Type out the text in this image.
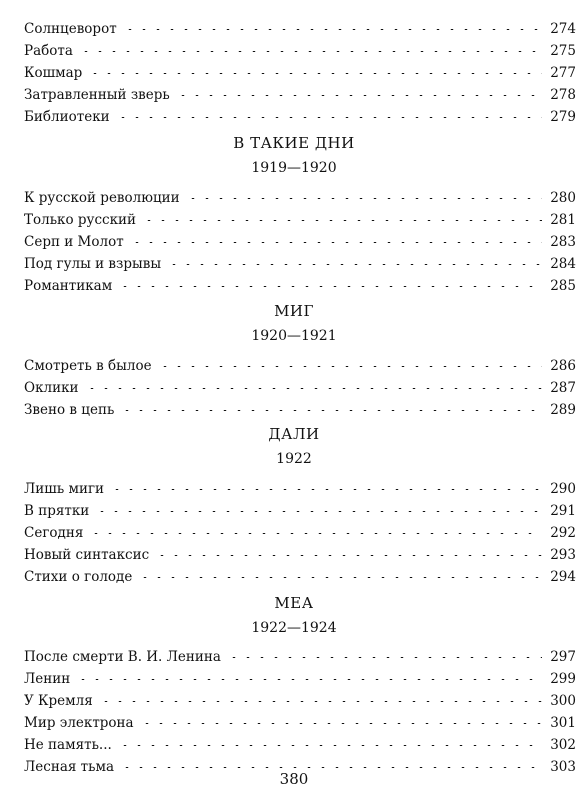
Солнцеворот	274
Работа	275
Кошмар	277
Затравленный зверь	278
Библиотеки	279
В ТАКИЕ ДНИ
1919—1920
К русской революции	280
Только русский	281
Серп и Молот	283
Под гулы и взрывы	284
Романтикам	285
МИГ
1920—1921
Смотреть в былое	286
Оклики	287
Звено в цепь	289
ДАЛИ
1922
Лишь миги	290
В прятки	291
Сегодня	292
Новый синтаксис	293
Стихи о голоде	294
МЕА
1922—1924
После смерти В. И. Ленина	297
Ленин	299
У Кремля	300
Мир электрона	301
Не память...	302
Лесная тьма	303
380
